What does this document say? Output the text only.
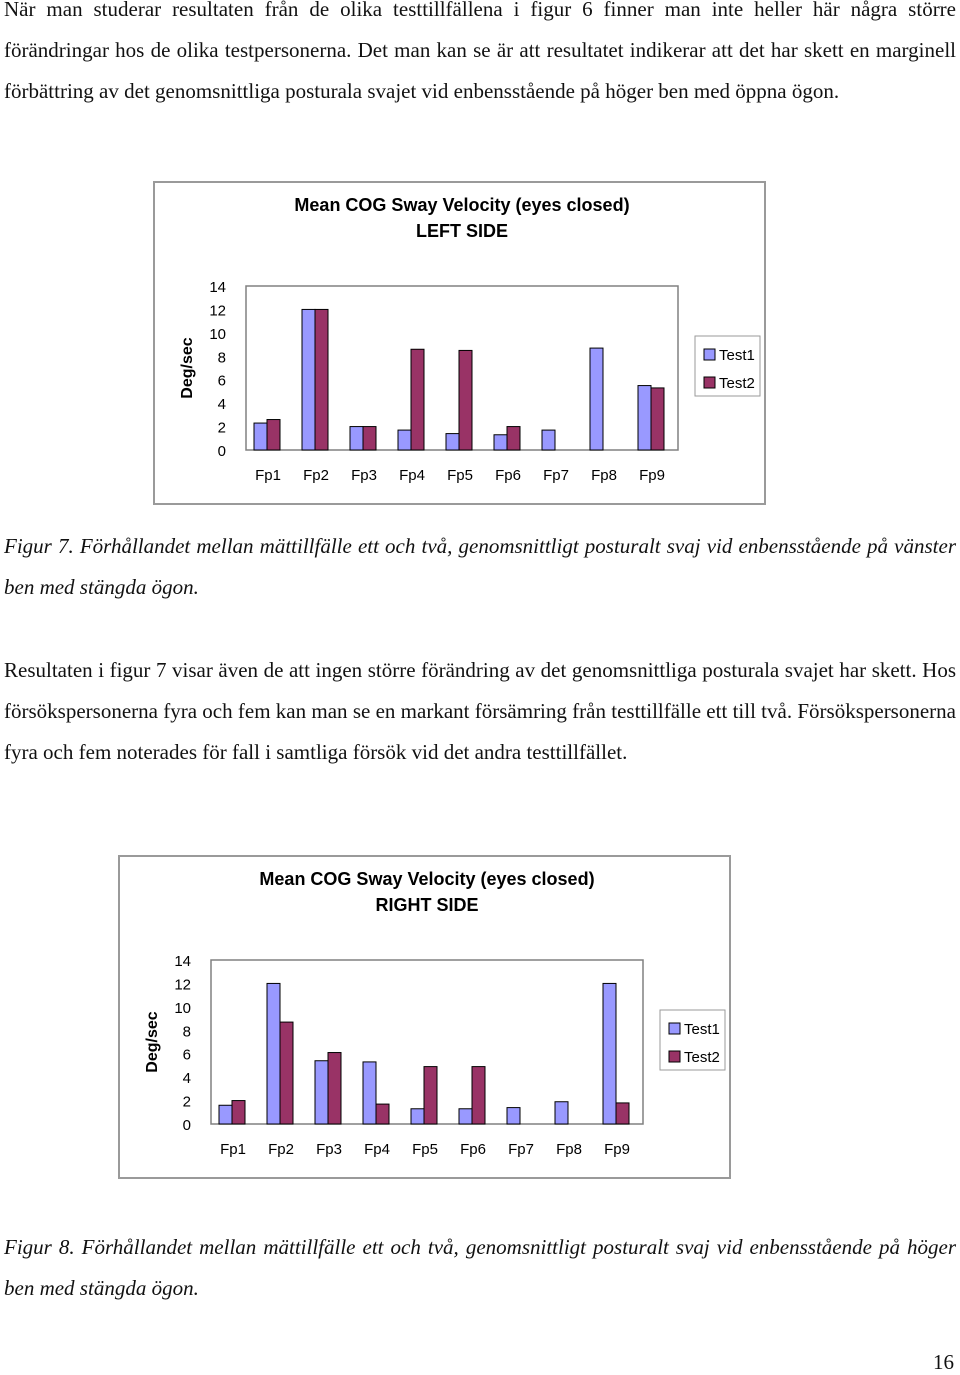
När man studerar resultaten från de olika testtillfällena i figur 6 finner man inte heller här några större förändringar hos de olika testpersonerna. Det man kan se är att resultatet indikerar att det har skett en marginell förbättring av det genomsnittliga posturala svajet vid enbensstående på höger ben med öppna ögon.
Mean COG Sway Velocity (eyes closed)
LEFT SIDE
Deg/sec
0
2
4
6
8
10
12
14
Fp1 Fp2 Fp3 Fp4 Fp5 Fp6 Fp7 Fp8 Fp9
Test1
Test2
Figur 7. Förhållandet mellan mättillfälle ett och två, genomsnittligt posturalt svaj vid enbensstående på vänster ben med stängda ögon.
Resultaten i figur 7 visar även de att ingen större förändring av det genomsnittliga posturala svajet har skett. Hos försökspersonerna fyra och fem kan man se en markant försämring från testtillfälle ett till två. Försökspersonerna fyra och fem noterades för fall i samtliga försök vid det andra testtillfället.
Mean COG Sway Velocity (eyes closed)
RIGHT SIDE
Deg/sec
0
2
4
6
8
10
12
14
Fp1 Fp2 Fp3 Fp4 Fp5 Fp6 Fp7 Fp8 Fp9
Test1
Test2
Figur 8. Förhållandet mellan mättillfälle ett och två, genomsnittligt posturalt svaj vid enbensstående på höger ben med stängda ögon.
16
